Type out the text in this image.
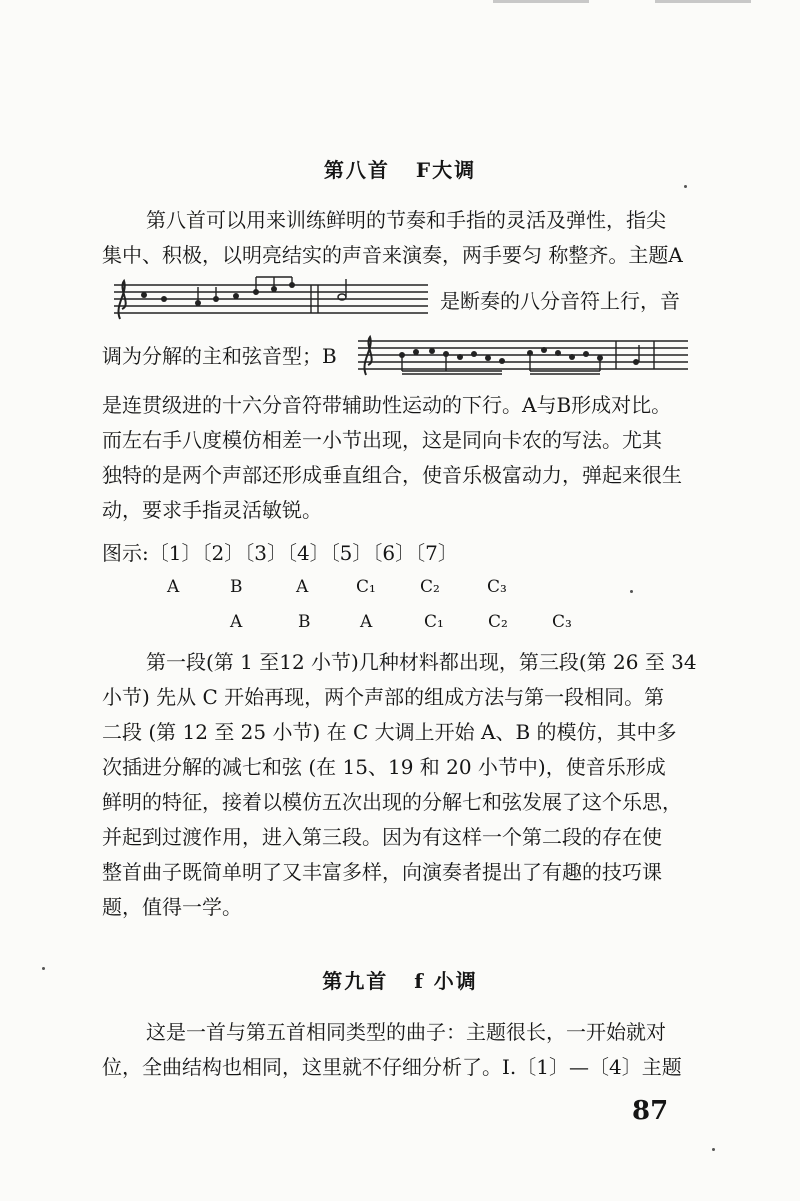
第八首 F大调
第八首可以用来训练鲜明的节奏和手指的灵活及弹性，指尖
集中、积极，以明亮结实的声音来演奏，两手要匀 称整齐。主题A
是断奏的八分音符上行，音
调为分解的主和弦音型；B
是连贯级进的十六分音符带辅助性运动的下行。A与B形成对比。
而左右手八度模仿相差一小节出现，这是同向卡农的写法。尤其
独特的是两个声部还形成垂直组合，使音乐极富动力，弹起来很生
动，要求手指灵活敏锐。
图示:〔1〕〔2〕〔3〕〔4〕〔5〕〔6〕〔7〕
A	B	A	C₁	C₂	C₃
A	B	A	C₁	C₂	C₃
第一段(第 1 至12 小节)几种材料都出现，第三段(第 26 至 34
小节) 先从 C 开始再现，两个声部的组成方法与第一段相同。第
二段 (第 12 至 25 小节) 在 C 大调上开始 A、B 的模仿，其中多
次插进分解的减七和弦 (在 15、19 和 20 小节中)，使音乐形成
鲜明的特征，接着以模仿五次出现的分解七和弦发展了这个乐思，
并起到过渡作用，进入第三段。因为有这样一个第二段的存在使
整首曲子既简单明了又丰富多样，向演奏者提出了有趣的技巧课
题，值得一学。
第九首 f 小调
这是一首与第五首相同类型的曲子：主题很长，一开始就对
位，全曲结构也相同，这里就不仔细分析了。Ⅰ.〔1〕—〔4〕主题
87
